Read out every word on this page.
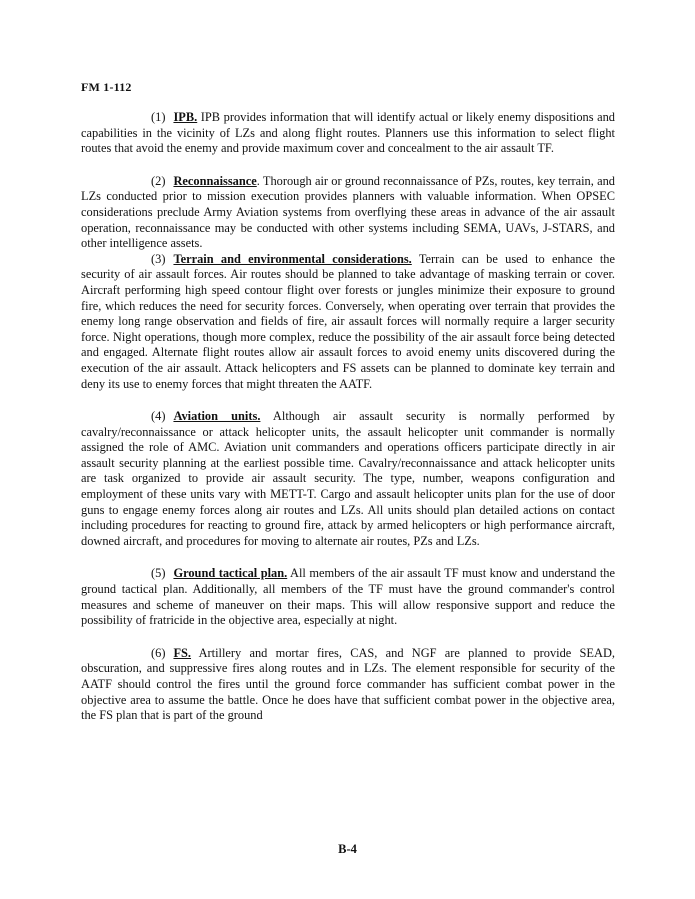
FM 1-112

(1) IPB. IPB provides information that will identify actual or likely enemy dispositions and capabilities in the vicinity of LZs and along flight routes. Planners use this information to select flight routes that avoid the enemy and provide maximum cover and concealment to the air assault TF.

(2) Reconnaissance. Thorough air or ground reconnaissance of PZs, routes, key terrain, and LZs conducted prior to mission execution provides planners with valuable information. When OPSEC considerations preclude Army Aviation systems from overflying these areas in advance of the air assault operation, reconnaissance may be conducted with other systems including SEMA, UAVs, J-STARS, and other intelligence assets.

(3) Terrain and environmental considerations. Terrain can be used to enhance the security of air assault forces. Air routes should be planned to take advantage of masking terrain or cover. Aircraft performing high speed contour flight over forests or jungles minimize their exposure to ground fire, which reduces the need for security forces. Conversely, when operating over terrain that provides the enemy long range observation and fields of fire, air assault forces will normally require a larger security force. Night operations, though more complex, reduce the possibility of the air assault force being detected and engaged. Alternate flight routes allow air assault forces to avoid enemy units discovered during the execution of the air assault. Attack helicopters and FS assets can be planned to dominate key terrain and deny its use to enemy forces that might threaten the AATF.

(4) Aviation units. Although air assault security is normally performed by cavalry/reconnaissance or attack helicopter units, the assault helicopter unit commander is normally assigned the role of AMC. Aviation unit commanders and operations officers participate directly in air assault security planning at the earliest possible time. Cavalry/reconnaissance and attack helicopter units are task organized to provide air assault security. The type, number, weapons configuration and employment of these units vary with METT-T. Cargo and assault helicopter units plan for the use of door guns to engage enemy forces along air routes and LZs. All units should plan detailed actions on contact including procedures for reacting to ground fire, attack by armed helicopters or high performance aircraft, downed aircraft, and procedures for moving to alternate air routes, PZs and LZs.

(5) Ground tactical plan. All members of the air assault TF must know and understand the ground tactical plan. Additionally, all members of the TF must have the ground commander's control measures and scheme of maneuver on their maps. This will allow responsive support and reduce the possibility of fratricide in the objective area, especially at night.

(6) FS. Artillery and mortar fires, CAS, and NGF are planned to provide SEAD, obscuration, and suppressive fires along routes and in LZs. The element responsible for security of the AATF should control the fires until the ground force commander has sufficient combat power in the objective area to assume the battle. Once he does have that sufficient combat power in the objective area, the FS plan that is part of the ground

B-4
